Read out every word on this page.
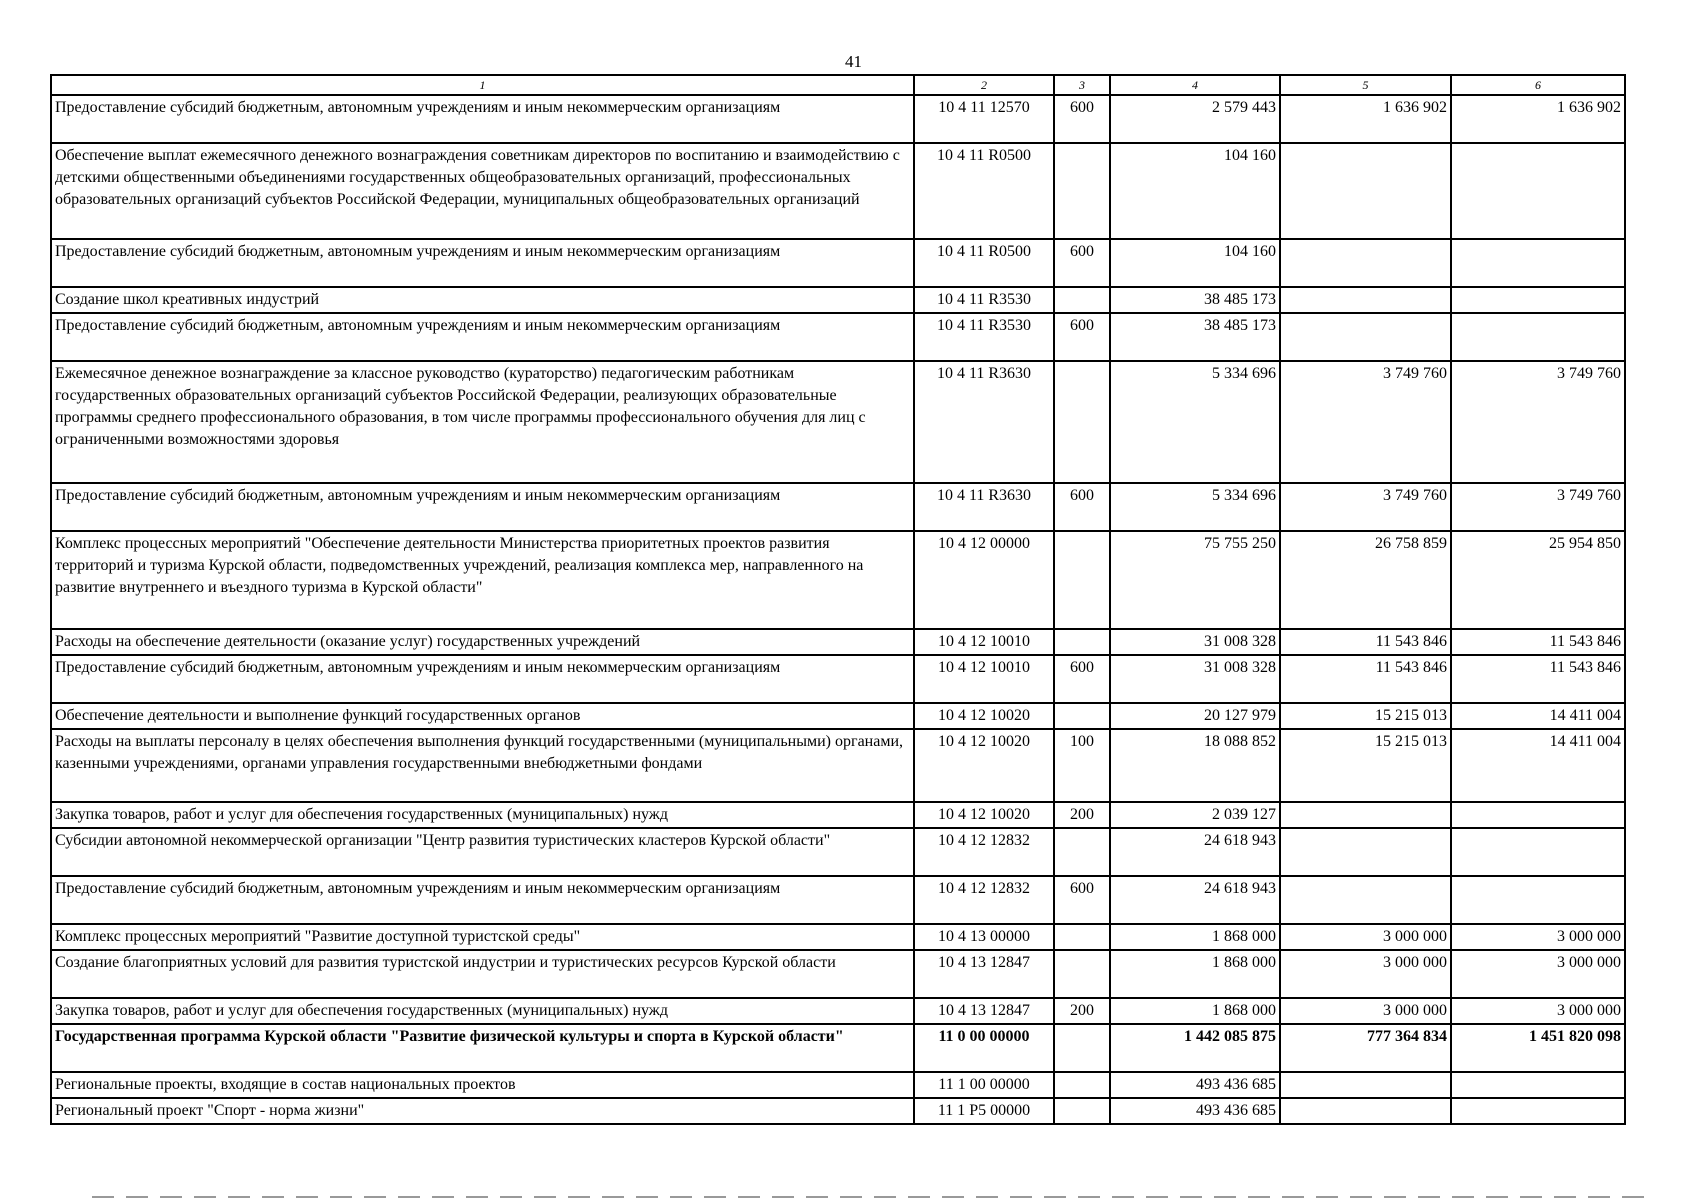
41
1	2	3	4	5	6
Предоставление субсидий бюджетным, автономным учреждениям и иным некоммерческим организациям	10 4 11 12570	600	2 579 443	1 636 902	1 636 902
Обеспечение выплат ежемесячного денежного вознаграждения советникам директоров по воспитанию и взаимодействию с детскими общественными объединениями государственных общеобразовательных организаций, профессиональных образовательных организаций субъектов Российской Федерации, муниципальных общеобразовательных организаций	10 4 11 R0500		104 160		
Предоставление субсидий бюджетным, автономным учреждениям и иным некоммерческим организациям	10 4 11 R0500	600	104 160		
Создание школ креативных индустрий	10 4 11 R3530		38 485 173		
Предоставление субсидий бюджетным, автономным учреждениям и иным некоммерческим организациям	10 4 11 R3530	600	38 485 173		
Ежемесячное денежное вознаграждение за классное руководство (кураторство) педагогическим работникам государственных образовательных организаций субъектов Российской Федерации, реализующих образовательные программы среднего профессионального образования, в том числе программы профессионального обучения для лиц с ограниченными возможностями здоровья	10 4 11 R3630		5 334 696	3 749 760	3 749 760
Предоставление субсидий бюджетным, автономным учреждениям и иным некоммерческим организациям	10 4 11 R3630	600	5 334 696	3 749 760	3 749 760
Комплекс процессных мероприятий "Обеспечение деятельности Министерства приоритетных проектов развития территорий и туризма Курской области, подведомственных учреждений, реализация комплекса мер, направленного на развитие внутреннего и въездного туризма в Курской области"	10 4 12 00000		75 755 250	26 758 859	25 954 850
Расходы на обеспечение деятельности (оказание услуг) государственных учреждений	10 4 12 10010		31 008 328	11 543 846	11 543 846
Предоставление субсидий бюджетным, автономным учреждениям и иным некоммерческим организациям	10 4 12 10010	600	31 008 328	11 543 846	11 543 846
Обеспечение деятельности и выполнение функций государственных органов	10 4 12 10020		20 127 979	15 215 013	14 411 004
Расходы на выплаты персоналу в целях обеспечения выполнения функций государственными (муниципальными) органами, казенными учреждениями, органами управления государственными внебюджетными фондами	10 4 12 10020	100	18 088 852	15 215 013	14 411 004
Закупка товаров, работ и услуг для обеспечения государственных (муниципальных) нужд	10 4 12 10020	200	2 039 127		
Субсидии автономной некоммерческой организации "Центр развития туристических кластеров Курской области"	10 4 12 12832		24 618 943		
Предоставление субсидий бюджетным, автономным учреждениям и иным некоммерческим организациям	10 4 12 12832	600	24 618 943		
Комплекс процессных мероприятий "Развитие доступной туристской среды"	10 4 13 00000		1 868 000	3 000 000	3 000 000
Создание благоприятных условий для развития туристской индустрии и туристических ресурсов Курской области	10 4 13 12847		1 868 000	3 000 000	3 000 000
Закупка товаров, работ и услуг для обеспечения государственных (муниципальных) нужд	10 4 13 12847	200	1 868 000	3 000 000	3 000 000
Государственная программа Курской области "Развитие физической культуры и спорта в Курской области"	11 0 00 00000		1 442 085 875	777 364 834	1 451 820 098
Региональные проекты, входящие в состав национальных проектов	11 1 00 00000		493 436 685		
Региональный проект "Спорт - норма жизни"	11 1 P5 00000		493 436 685		
